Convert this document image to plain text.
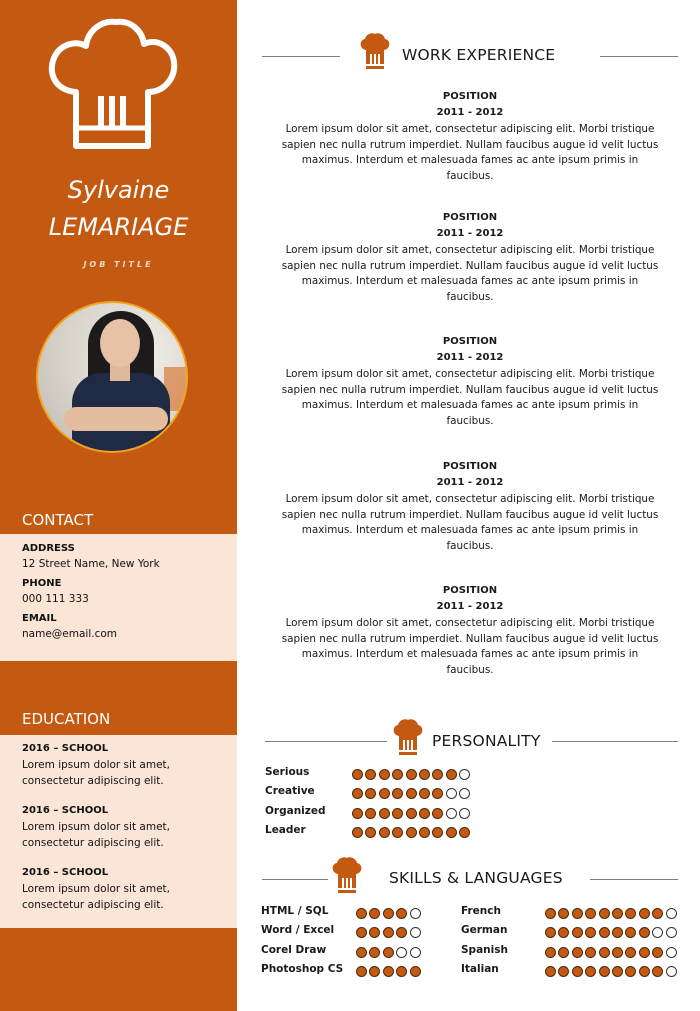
Sylvaine
LEMARIAGE
JOB TITLE
CONTACT
ADDRESS
12 Street Name, New York
PHONE
000 111 333
EMAIL
name@email.com
EDUCATION
2016 – SCHOOL
Lorem ipsum dolor sit amet,
consectetur adipiscing elit.
2016 – SCHOOL
Lorem ipsum dolor sit amet,
consectetur adipiscing elit.
2016 – SCHOOL
Lorem ipsum dolor sit amet,
consectetur adipiscing elit.
WORK EXPERIENCE
POSITION
2011 - 2012
Lorem ipsum dolor sit amet, consectetur adipiscing elit. Morbi tristique
sapien nec nulla rutrum imperdiet. Nullam faucibus augue id velit luctus
maximus. Interdum et malesuada fames ac ante ipsum primis in
faucibus.
POSITION
2011 - 2012
Lorem ipsum dolor sit amet, consectetur adipiscing elit. Morbi tristique
sapien nec nulla rutrum imperdiet. Nullam faucibus augue id velit luctus
maximus. Interdum et malesuada fames ac ante ipsum primis in
faucibus.
POSITION
2011 - 2012
Lorem ipsum dolor sit amet, consectetur adipiscing elit. Morbi tristique
sapien nec nulla rutrum imperdiet. Nullam faucibus augue id velit luctus
maximus. Interdum et malesuada fames ac ante ipsum primis in
faucibus.
POSITION
2011 - 2012
Lorem ipsum dolor sit amet, consectetur adipiscing elit. Morbi tristique
sapien nec nulla rutrum imperdiet. Nullam faucibus augue id velit luctus
maximus. Interdum et malesuada fames ac ante ipsum primis in
faucibus.
POSITION
2011 - 2012
Lorem ipsum dolor sit amet, consectetur adipiscing elit. Morbi tristique
sapien nec nulla rutrum imperdiet. Nullam faucibus augue id velit luctus
maximus. Interdum et malesuada fames ac ante ipsum primis in
faucibus.
PERSONALITY
Serious
Creative
Organized
Leader
SKILLS & LANGUAGES
HTML / SQL
Word / Excel
Corel Draw
Photoshop CS
French
German
Spanish
Italian
